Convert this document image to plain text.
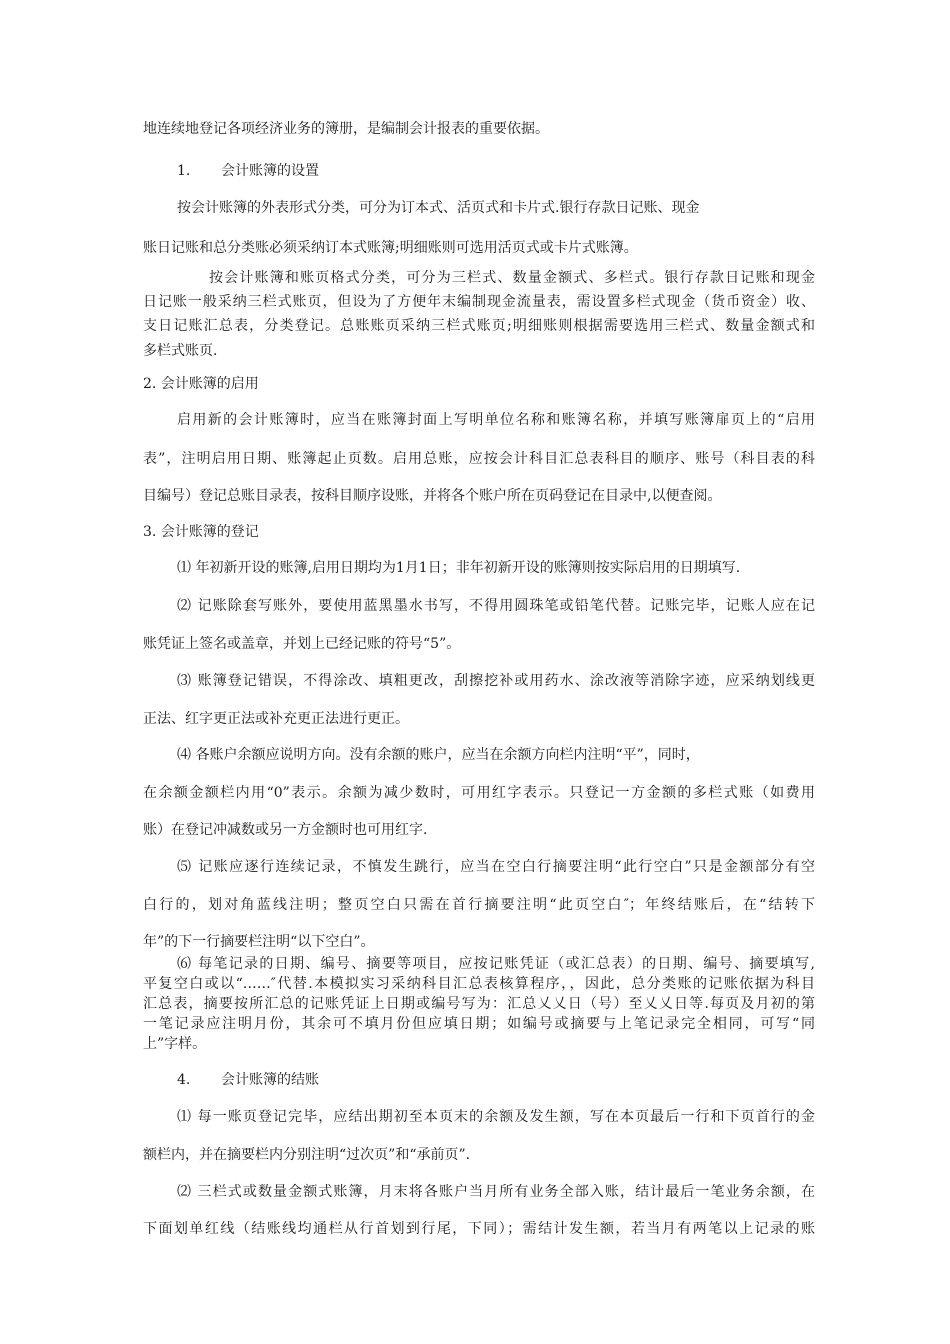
地连续地登记各项经济业务的簿册，是编制会计报表的重要依据。

1. 会计账簿的设置

按会计账簿的外表形式分类，可分为订本式、活页式和卡片式.银行存款日记账、现金

账日记账和总分类账必须采纳订本式账簿;明细账则可选用活页式或卡片式账簿。

按会计账簿和账页格式分类，可分为三栏式、数量金额式、多栏式。银行存款日记账和现金

日记账一般采纳三栏式账页，但设为了方便年末编制现金流量表，需设置多栏式现金（货币资金）收、

支日记账汇总表，分类登记。总账账页采纳三栏式账页;明细账则根据需要选用三栏式、数量金额式和

多栏式账页.

2. 会计账簿的启用

启用新的会计账簿时，应当在账簿封面上写明单位名称和账簿名称，并填写账簿扉页上的“启用

表”，注明启用日期、账簿起止页数。启用总账，应按会计科目汇总表科目的顺序、账号（科目表的科

目编号）登记总账目录表，按科目顺序设账，并将各个账户所在页码登记在目录中,以便查阅。

3. 会计账簿的登记

⑴ 年初新开设的账簿,启用日期均为1月1日；非年初新开设的账簿则按实际启用的日期填写.

⑵ 记账除套写账外，要使用蓝黑墨水书写，不得用圆珠笔或铅笔代替。记账完毕，记账人应在记

账凭证上签名或盖章，并划上已经记账的符号“5”。

⑶ 账簿登记错误，不得涂改、填粗更改，刮擦挖补或用药水、涂改液等消除字迹，应采纳划线更

正法、红字更正法或补充更正法进行更正。

⑷ 各账户余额应说明方向。没有余额的账户，应当在余额方向栏内注明“平”，同时，

在余额金额栏内用“0”表示。余额为减少数时，可用红字表示。只登记一方金额的多栏式账（如费用

账）在登记冲减数或另一方金额时也可用红字.

⑸ 记账应逐行连续记录，不慎发生跳行，应当在空白行摘要注明“此行空白”只是金额部分有空

白行的，划对角蓝线注明；整页空白只需在首行摘要注明“此页空白″；年终结账后，在“结转下

年”的下一行摘要栏注明“以下空白”。

⑹ 每笔记录的日期、编号、摘要等项目，应按记账凭证（或汇总表）的日期、编号、摘要填写,

平复空白或以“……″代替.本模拟实习采纳科目汇总表核算程序，，因此，总分类账的记账依据为科目

汇总表，摘要按所汇总的记账凭证上日期或编号写为：汇总乂乂日（号）至乂乂日等.每页及月初的第

一笔记录应注明月份，其余可不填月份但应填日期；如编号或摘要与上笔记录完全相同，可写“同

上”字样。

4. 会计账簿的结账

⑴ 每一账页登记完毕，应结出期初至本页末的余额及发生额，写在本页最后一行和下页首行的金

额栏内，并在摘要栏内分别注明“过次页”和“承前页”.

⑵ 三栏式或数量金额式账簿，月末将各账户当月所有业务全部入账，结计最后一笔业务余额，在

下面划单红线（结账线均通栏从行首划到行尾，下同）；需结计发生额，若当月有两笔以上记录的账
